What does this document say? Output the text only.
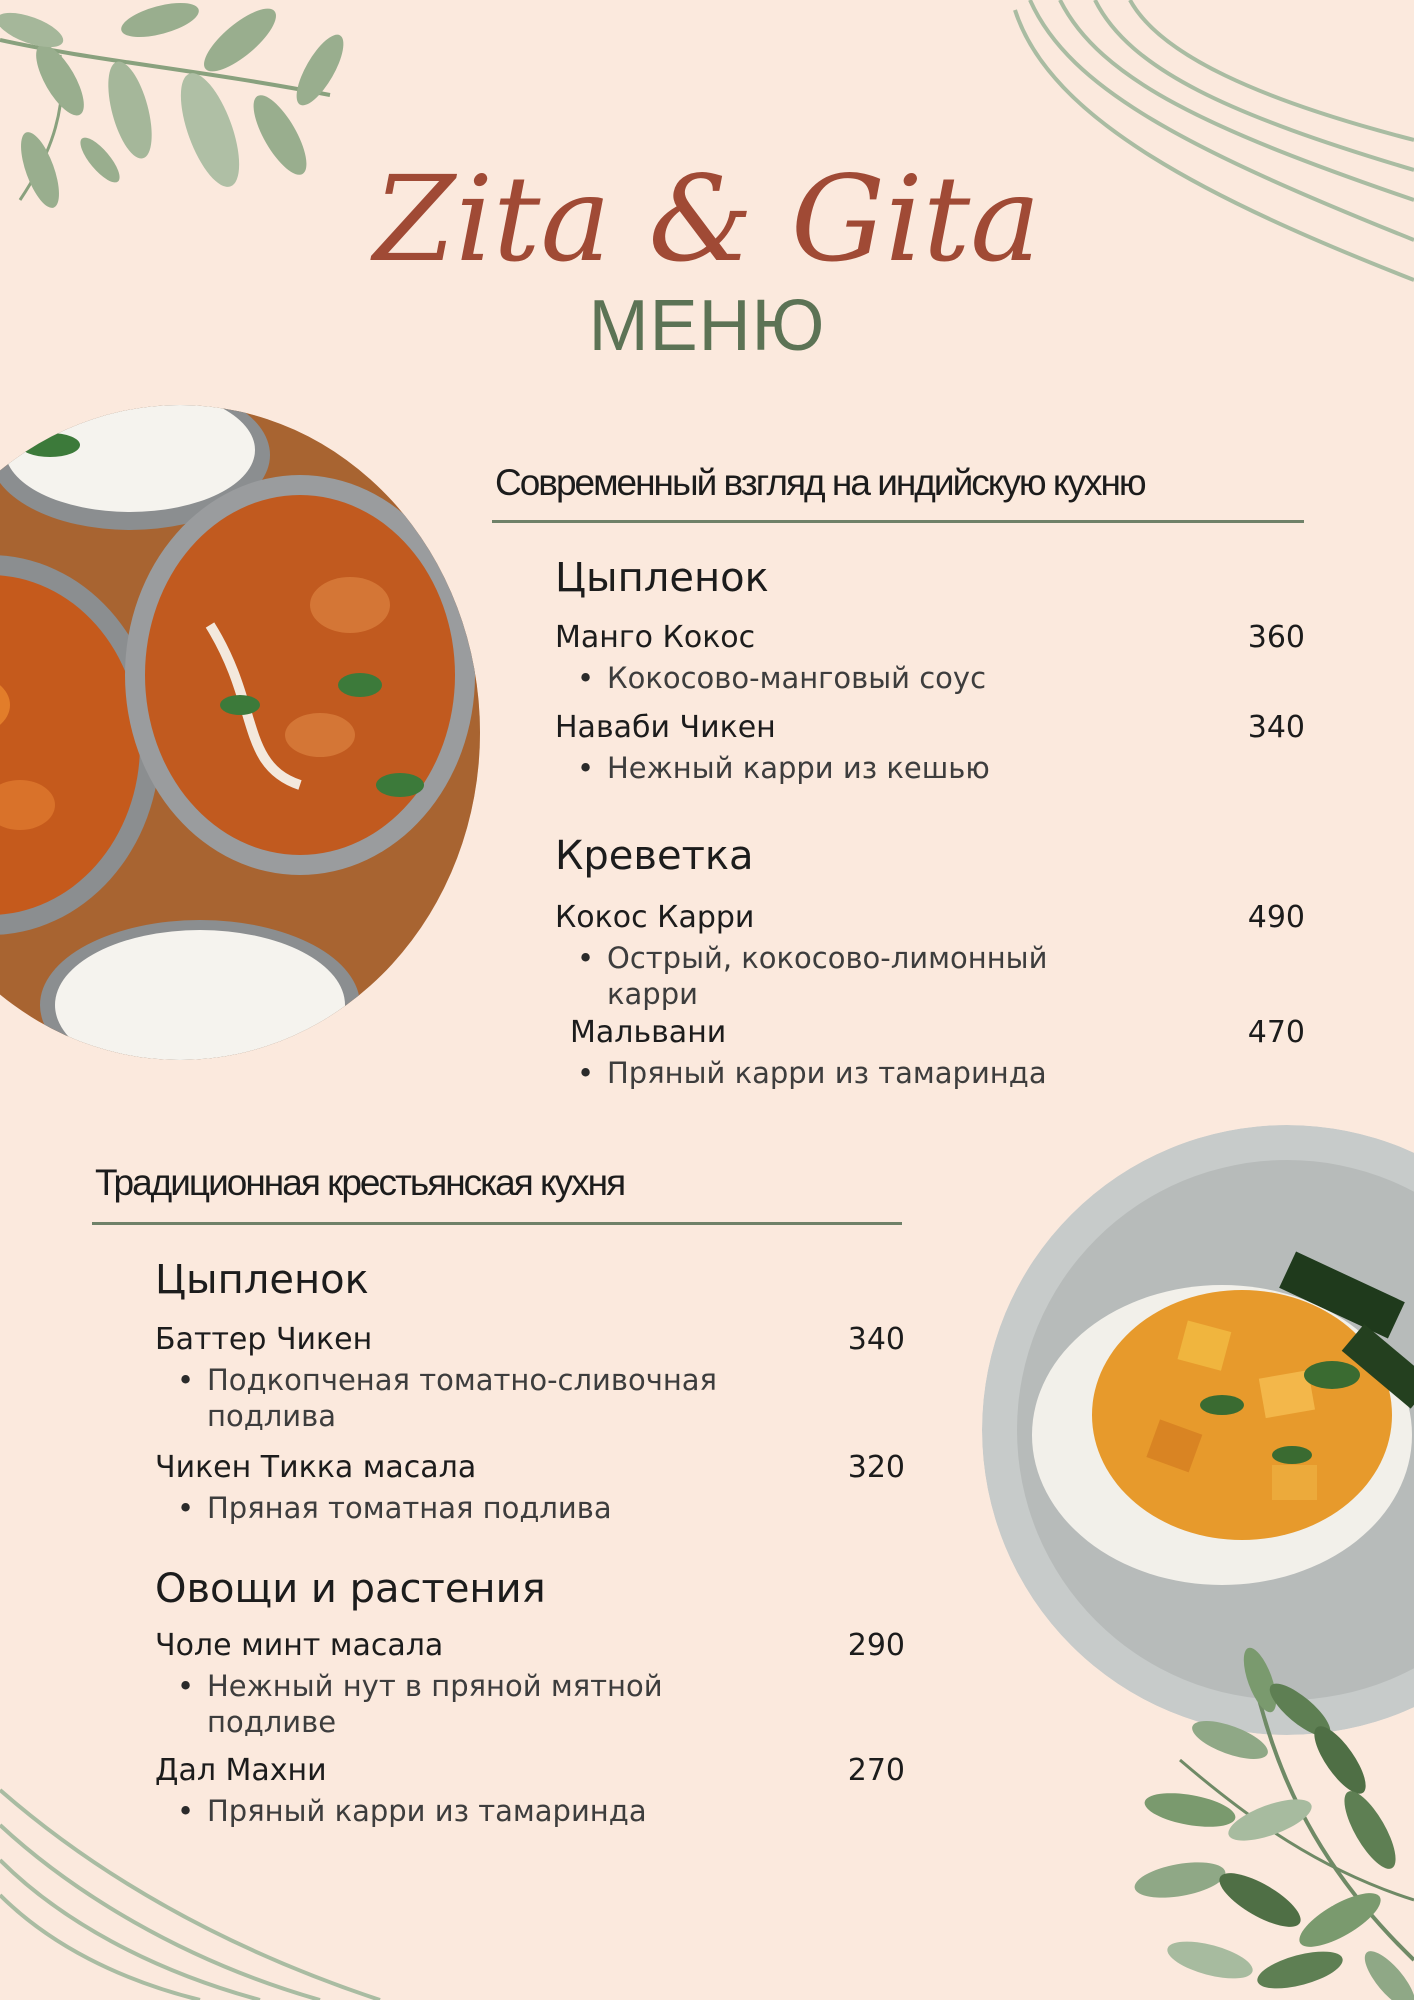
Zita & Gita
МЕНЮ
Современный взгляд на индийскую кухню
Цыпленок
Манго Кокос	360
• Кокосово-манговый соус
Наваби Чикен	340
• Нежный карри из кешью
Креветка
Кокос Карри	490
• Острый, кокосово-лимонный
карри
Мальвани	470
• Пряный карри из тамаринда
Традиционная крестьянская кухня
Цыпленок
Баттер Чикен	340
• Подкопченая томатно-сливочная
подлива
Чикен Тикка масала	320
• Пряная томатная подлива
Овощи и растения
Чоле минт масала	290
• Нежный нут в пряной мятной
подливе
Дал Махни	270
• Пряный карри из тамаринда
